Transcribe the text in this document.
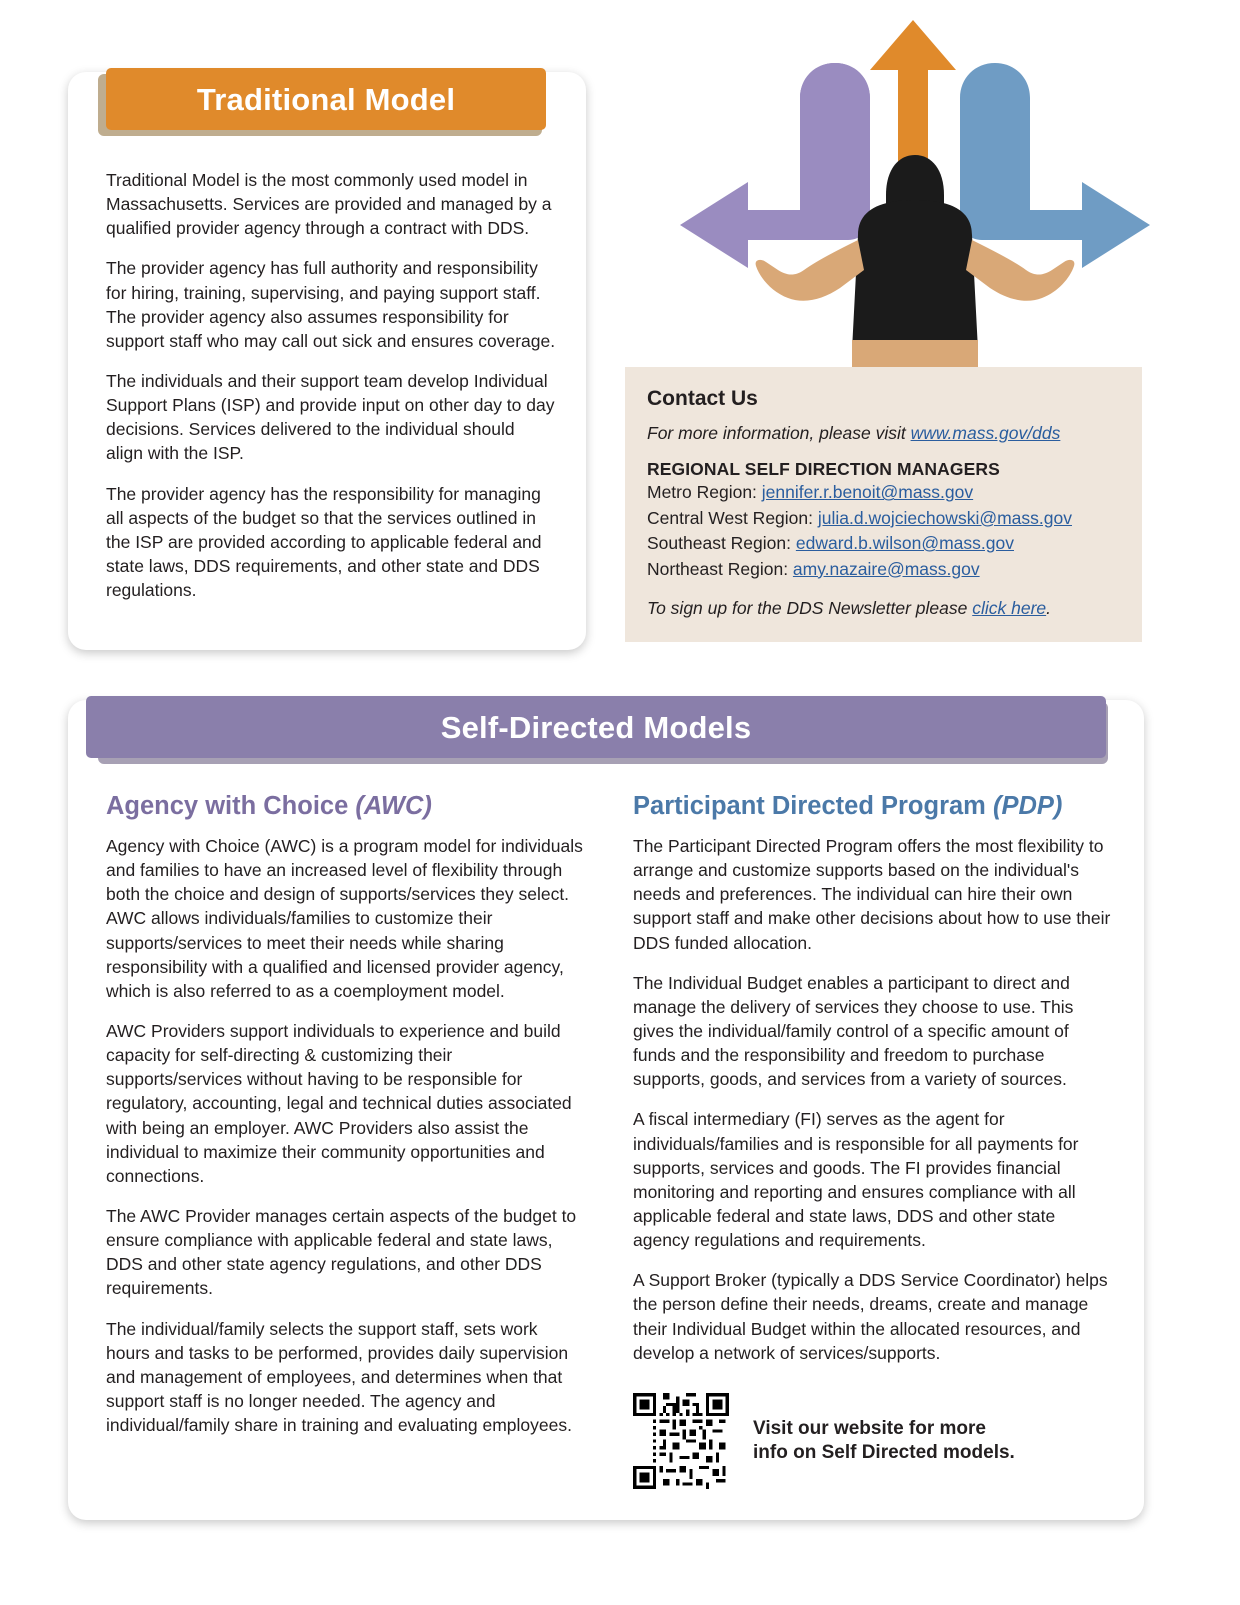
Traditional Model

Traditional Model is the most commonly used model in Massachusetts. Services are provided and managed by a qualified provider agency through a contract with DDS.

The provider agency has full authority and responsibility for hiring, training, supervising, and paying support staff. The provider agency also assumes responsibility for support staff who may call out sick and ensures coverage.

The individuals and their support team develop Individual Support Plans (ISP) and provide input on other day to day decisions. Services delivered to the individual should align with the ISP.

The provider agency has the responsibility for managing all aspects of the budget so that the services outlined in the ISP are provided according to applicable federal and state laws, DDS requirements, and other state and DDS regulations.

Contact Us
For more information, please visit www.mass.gov/dds
REGIONAL SELF DIRECTION MANAGERS
Metro Region: jennifer.r.benoit@mass.gov
Central West Region: julia.d.wojciechowski@mass.gov
Southeast Region: edward.b.wilson@mass.gov
Northeast Region: amy.nazaire@mass.gov
To sign up for the DDS Newsletter please click here.
Self-Directed Models
Agency with Choice (AWC)

Agency with Choice (AWC) is a program model for individuals and families to have an increased level of flexibility through both the choice and design of supports/services they select. AWC allows individuals/families to customize their supports/services to meet their needs while sharing responsibility with a qualified and licensed provider agency, which is also referred to as a coemployment model.

AWC Providers support individuals to experience and build capacity for self-directing & customizing their supports/services without having to be responsible for regulatory, accounting, legal and technical duties associated with being an employer. AWC Providers also assist the individual to maximize their community opportunities and connections.

The AWC Provider manages certain aspects of the budget to ensure compliance with applicable federal and state laws, DDS and other state agency regulations, and other DDS requirements.

The individual/family selects the support staff, sets work hours and tasks to be performed, provides daily supervision and management of employees, and determines when that support staff is no longer needed. The agency and individual/family share in training and evaluating employees.

Participant Directed Program (PDP)

The Participant Directed Program offers the most flexibility to arrange and customize supports based on the individual's needs and preferences. The individual can hire their own support staff and make other decisions about how to use their DDS funded allocation.

The Individual Budget enables a participant to direct and manage the delivery of services they choose to use. This gives the individual/family control of a specific amount of funds and the responsibility and freedom to purchase supports, goods, and services from a variety of sources.

A fiscal intermediary (FI) serves as the agent for individuals/families and is responsible for all payments for supports, services and goods. The FI provides financial monitoring and reporting and ensures compliance with all applicable federal and state laws, DDS and other state agency regulations and requirements.

A Support Broker (typically a DDS Service Coordinator) helps the person define their needs, dreams, create and manage their Individual Budget within the allocated resources, and develop a network of services/supports.

Visit our website for more
info on Self Directed models.
